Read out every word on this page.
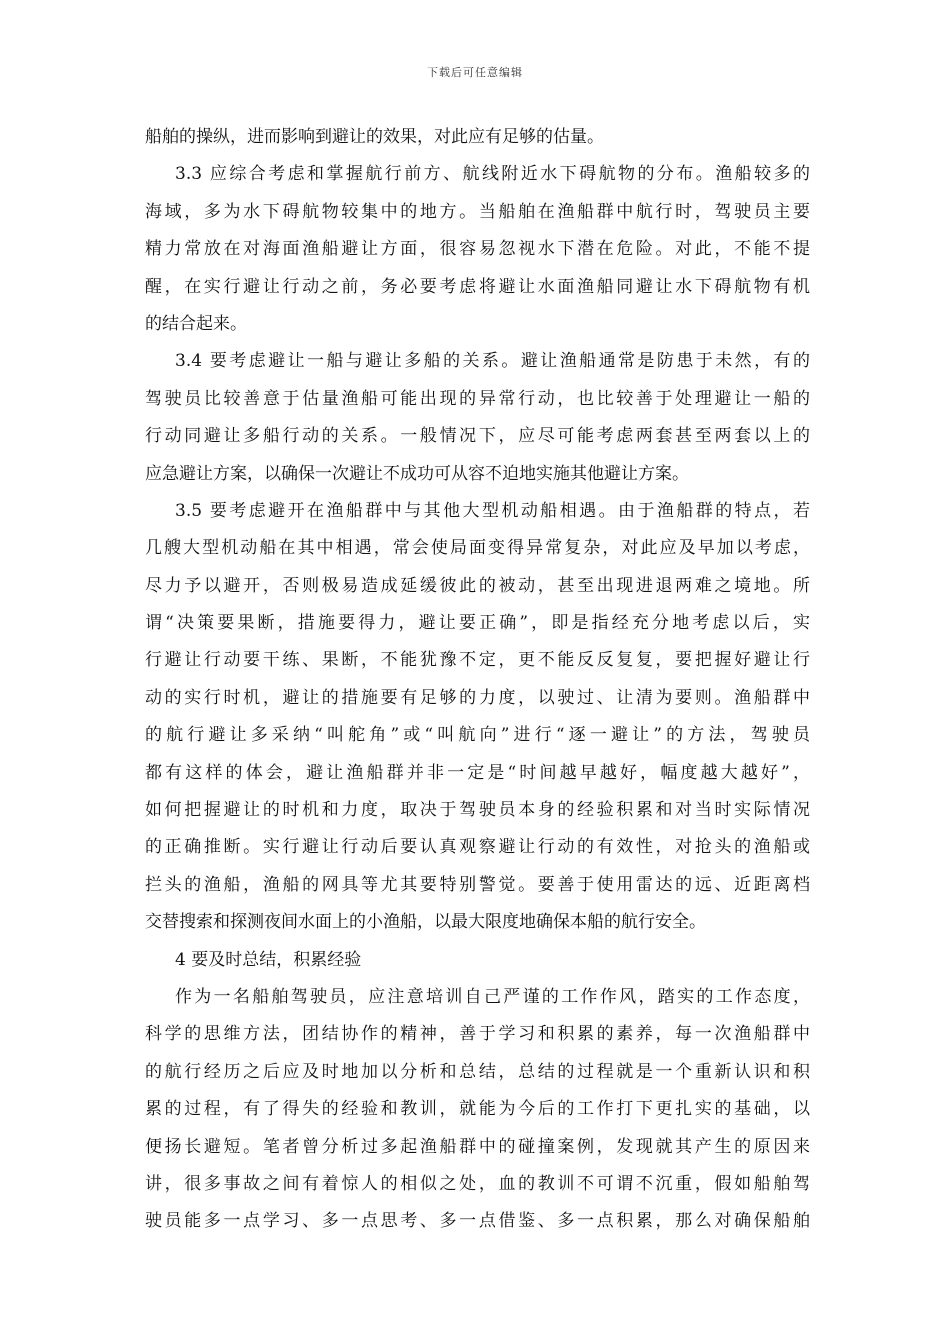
下载后可任意编辑
船舶的操纵，进而影响到避让的效果，对此应有足够的估量。
3.3 应综合考虑和掌握航行前方、航线附近水下碍航物的分布。渔船较多的
海域，多为水下碍航物较集中的地方。当船舶在渔船群中航行时，驾驶员主要
精力常放在对海面渔船避让方面，很容易忽视水下潜在危险。对此，不能不提
醒，在实行避让行动之前，务必要考虑将避让水面渔船同避让水下碍航物有机
的结合起来。
3.4 要考虑避让一船与避让多船的关系。避让渔船通常是防患于未然，有的
驾驶员比较善意于估量渔船可能出现的异常行动，也比较善于处理避让一船的
行动同避让多船行动的关系。一般情况下，应尽可能考虑两套甚至两套以上的
应急避让方案，以确保一次避让不成功可从容不迫地实施其他避让方案。
3.5 要考虑避开在渔船群中与其他大型机动船相遇。由于渔船群的特点，若
几艘大型机动船在其中相遇，常会使局面变得异常复杂，对此应及早加以考虑，
尽力予以避开，否则极易造成延缓彼此的被动，甚至出现进退两难之境地。所
谓“决策要果断，措施要得力，避让要正确”，即是指经充分地考虑以后，实
行避让行动要干练、果断，不能犹豫不定，更不能反反复复，要把握好避让行
动的实行时机，避让的措施要有足够的力度，以驶过、让清为要则。渔船群中
的航行避让多采纳“叫舵角”或“叫航向”进行“逐一避让”的方法，驾驶员
都有这样的体会，避让渔船群并非一定是“时间越早越好，幅度越大越好”，
如何把握避让的时机和力度，取决于驾驶员本身的经验积累和对当时实际情况
的正确推断。实行避让行动后要认真观察避让行动的有效性，对抢头的渔船或
拦头的渔船，渔船的网具等尤其要特别警觉。要善于使用雷达的远、近距离档
交替搜索和探测夜间水面上的小渔船，以最大限度地确保本船的航行安全。
4 要及时总结，积累经验
作为一名船舶驾驶员，应注意培训自己严谨的工作作风，踏实的工作态度，
科学的思维方法，团结协作的精神，善于学习和积累的素养，每一次渔船群中
的航行经历之后应及时地加以分析和总结，总结的过程就是一个重新认识和积
累的过程，有了得失的经验和教训，就能为今后的工作打下更扎实的基础，以
便扬长避短。笔者曾分析过多起渔船群中的碰撞案例，发现就其产生的原因来
讲，很多事故之间有着惊人的相似之处，血的教训不可谓不沉重，假如船舶驾
驶员能多一点学习、多一点思考、多一点借鉴、多一点积累，那么对确保船舶
